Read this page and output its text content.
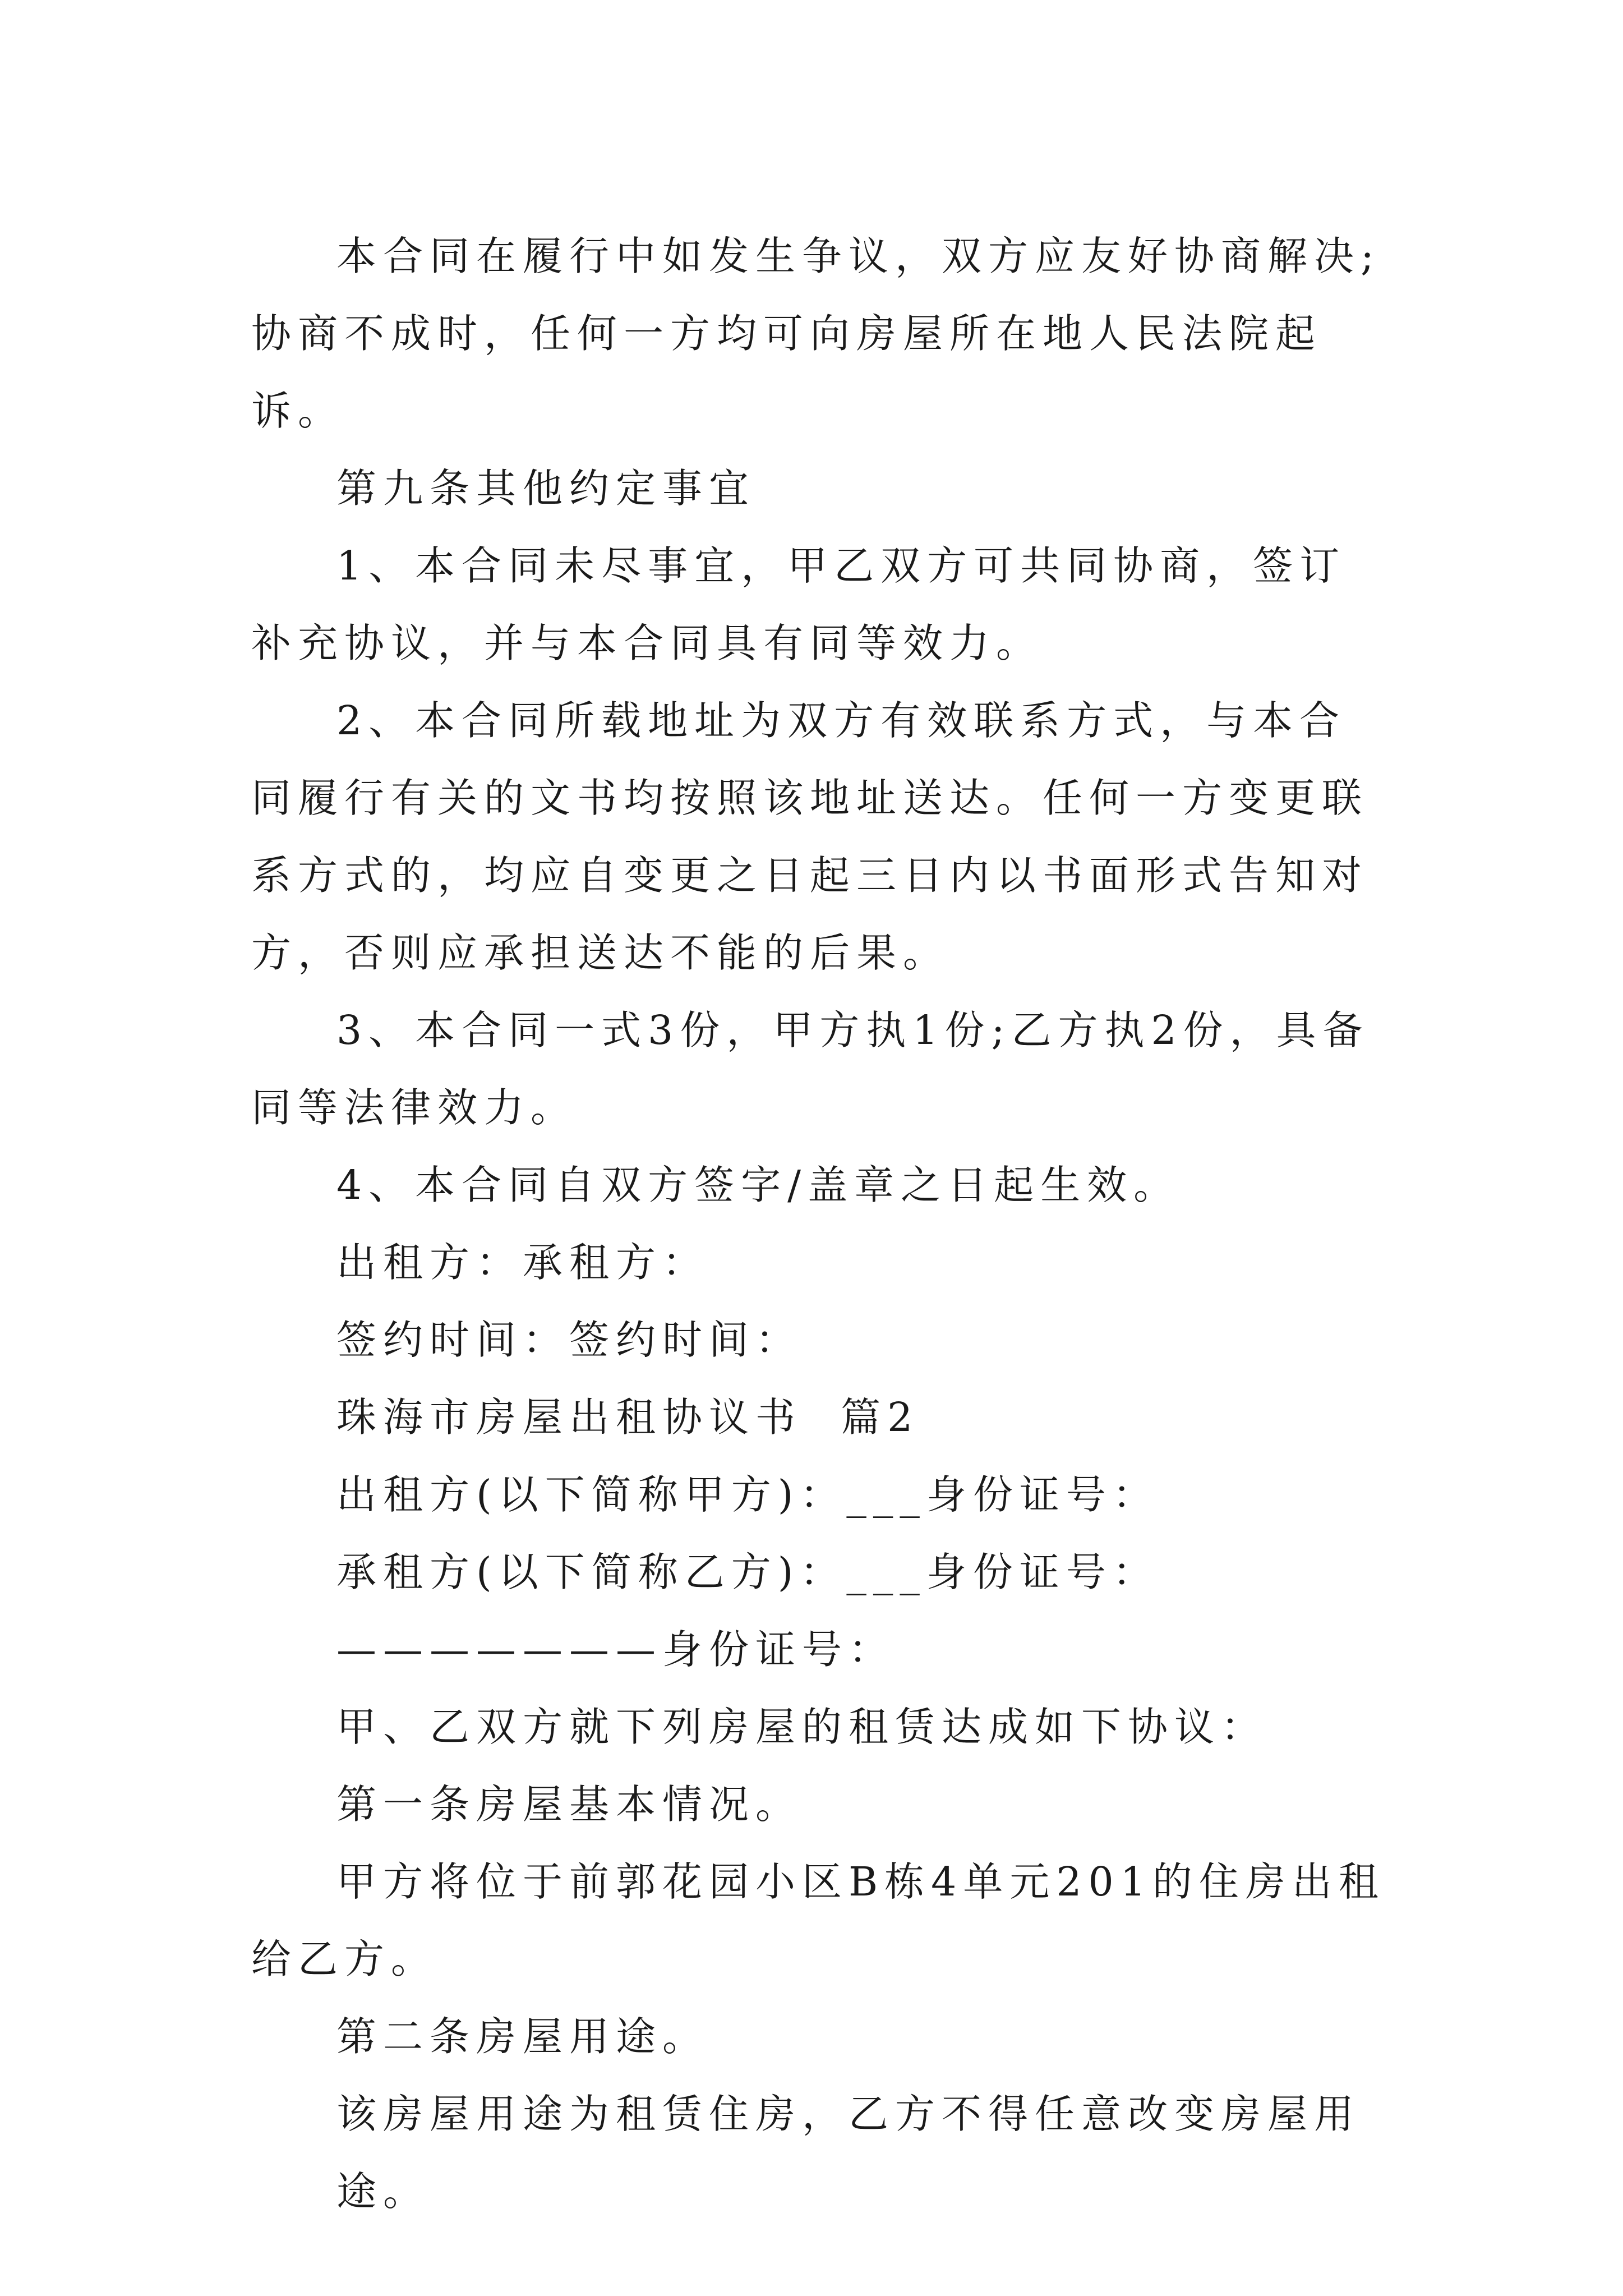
本合同在履行中如发生争议，双方应友好协商解决;协商不成时，任何一方均可向房屋所在地人民法院起诉。

第九条其他约定事宜

1、本合同未尽事宜，甲乙双方可共同协商，签订补充协议，并与本合同具有同等效力。

2、本合同所载地址为双方有效联系方式，与本合同履行有关的文书均按照该地址送达。任何一方变更联系方式的，均应自变更之日起三日内以书面形式告知对方，否则应承担送达不能的后果。

3、本合同一式3份，甲方执1份;乙方执2份，具备同等法律效力。

4、本合同自双方签字/盖章之日起生效。

出租方：承租方：

签约时间：签约时间：

珠海市房屋出租协议书  篇2

出租方(以下简称甲方)：___身份证号：

承租方(以下简称乙方)：___身份证号：

———————身份证号：

甲、乙双方就下列房屋的租赁达成如下协议：

第一条房屋基本情况。

甲方将位于前郭花园小区B栋4单元201的住房出租给乙方。

第二条房屋用途。

该房屋用途为租赁住房，乙方不得任意改变房屋用途。
